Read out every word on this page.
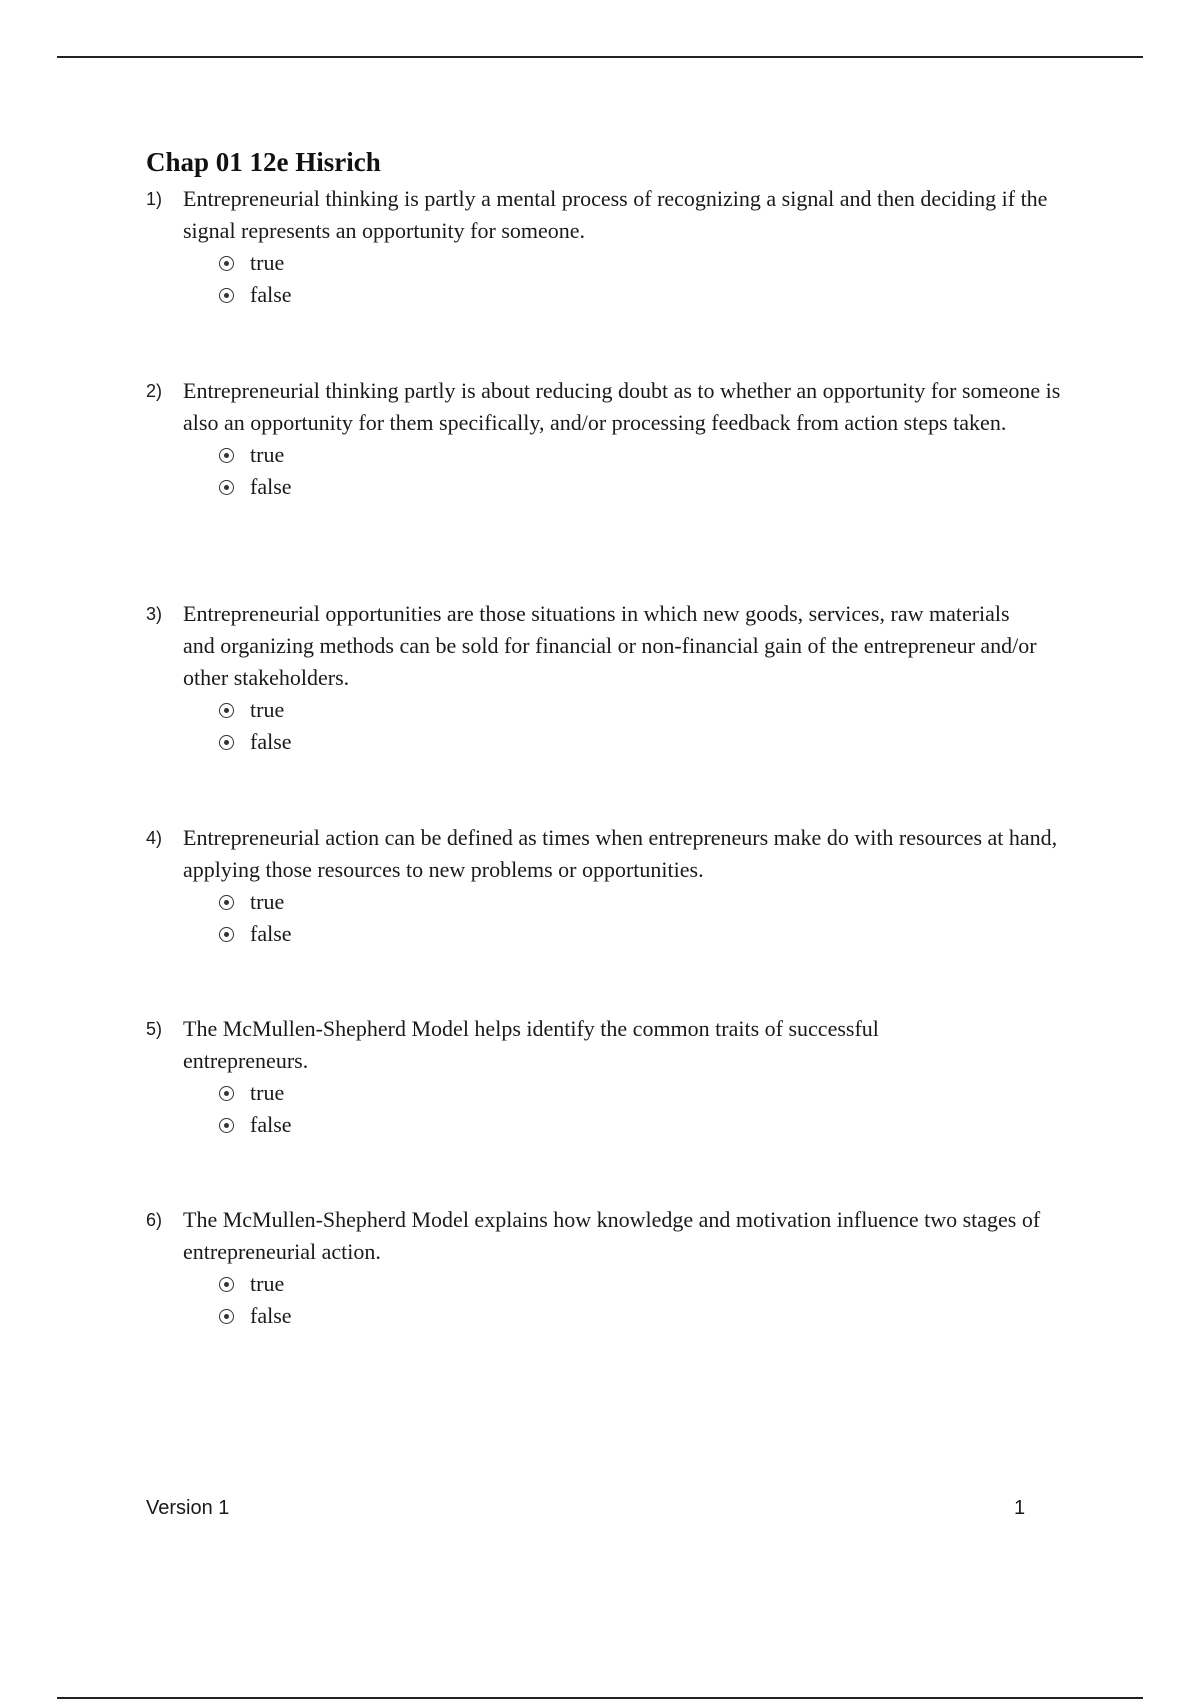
Chap 01 12e Hisrich
1) Entrepreneurial thinking is partly a mental process of recognizing a signal and then deciding if the signal represents an opportunity for someone.

true
false
2) Entrepreneurial thinking partly is about reducing doubt as to whether an opportunity for someone is also an opportunity for them specifically, and/or processing feedback from action steps taken.

true
false
3) Entrepreneurial opportunities are those situations in which new goods, services, raw materials and organizing methods can be sold for financial or non-financial gain of the entrepreneur and/or other stakeholders.

true
false
4) Entrepreneurial action can be defined as times when entrepreneurs make do with resources at hand, applying those resources to new problems or opportunities.

true
false
5) The McMullen-Shepherd Model helps identify the common traits of successful entrepreneurs.

true
false
6) The McMullen-Shepherd Model explains how knowledge and motivation influence two stages of entrepreneurial action.

true
false
Version 1	1
